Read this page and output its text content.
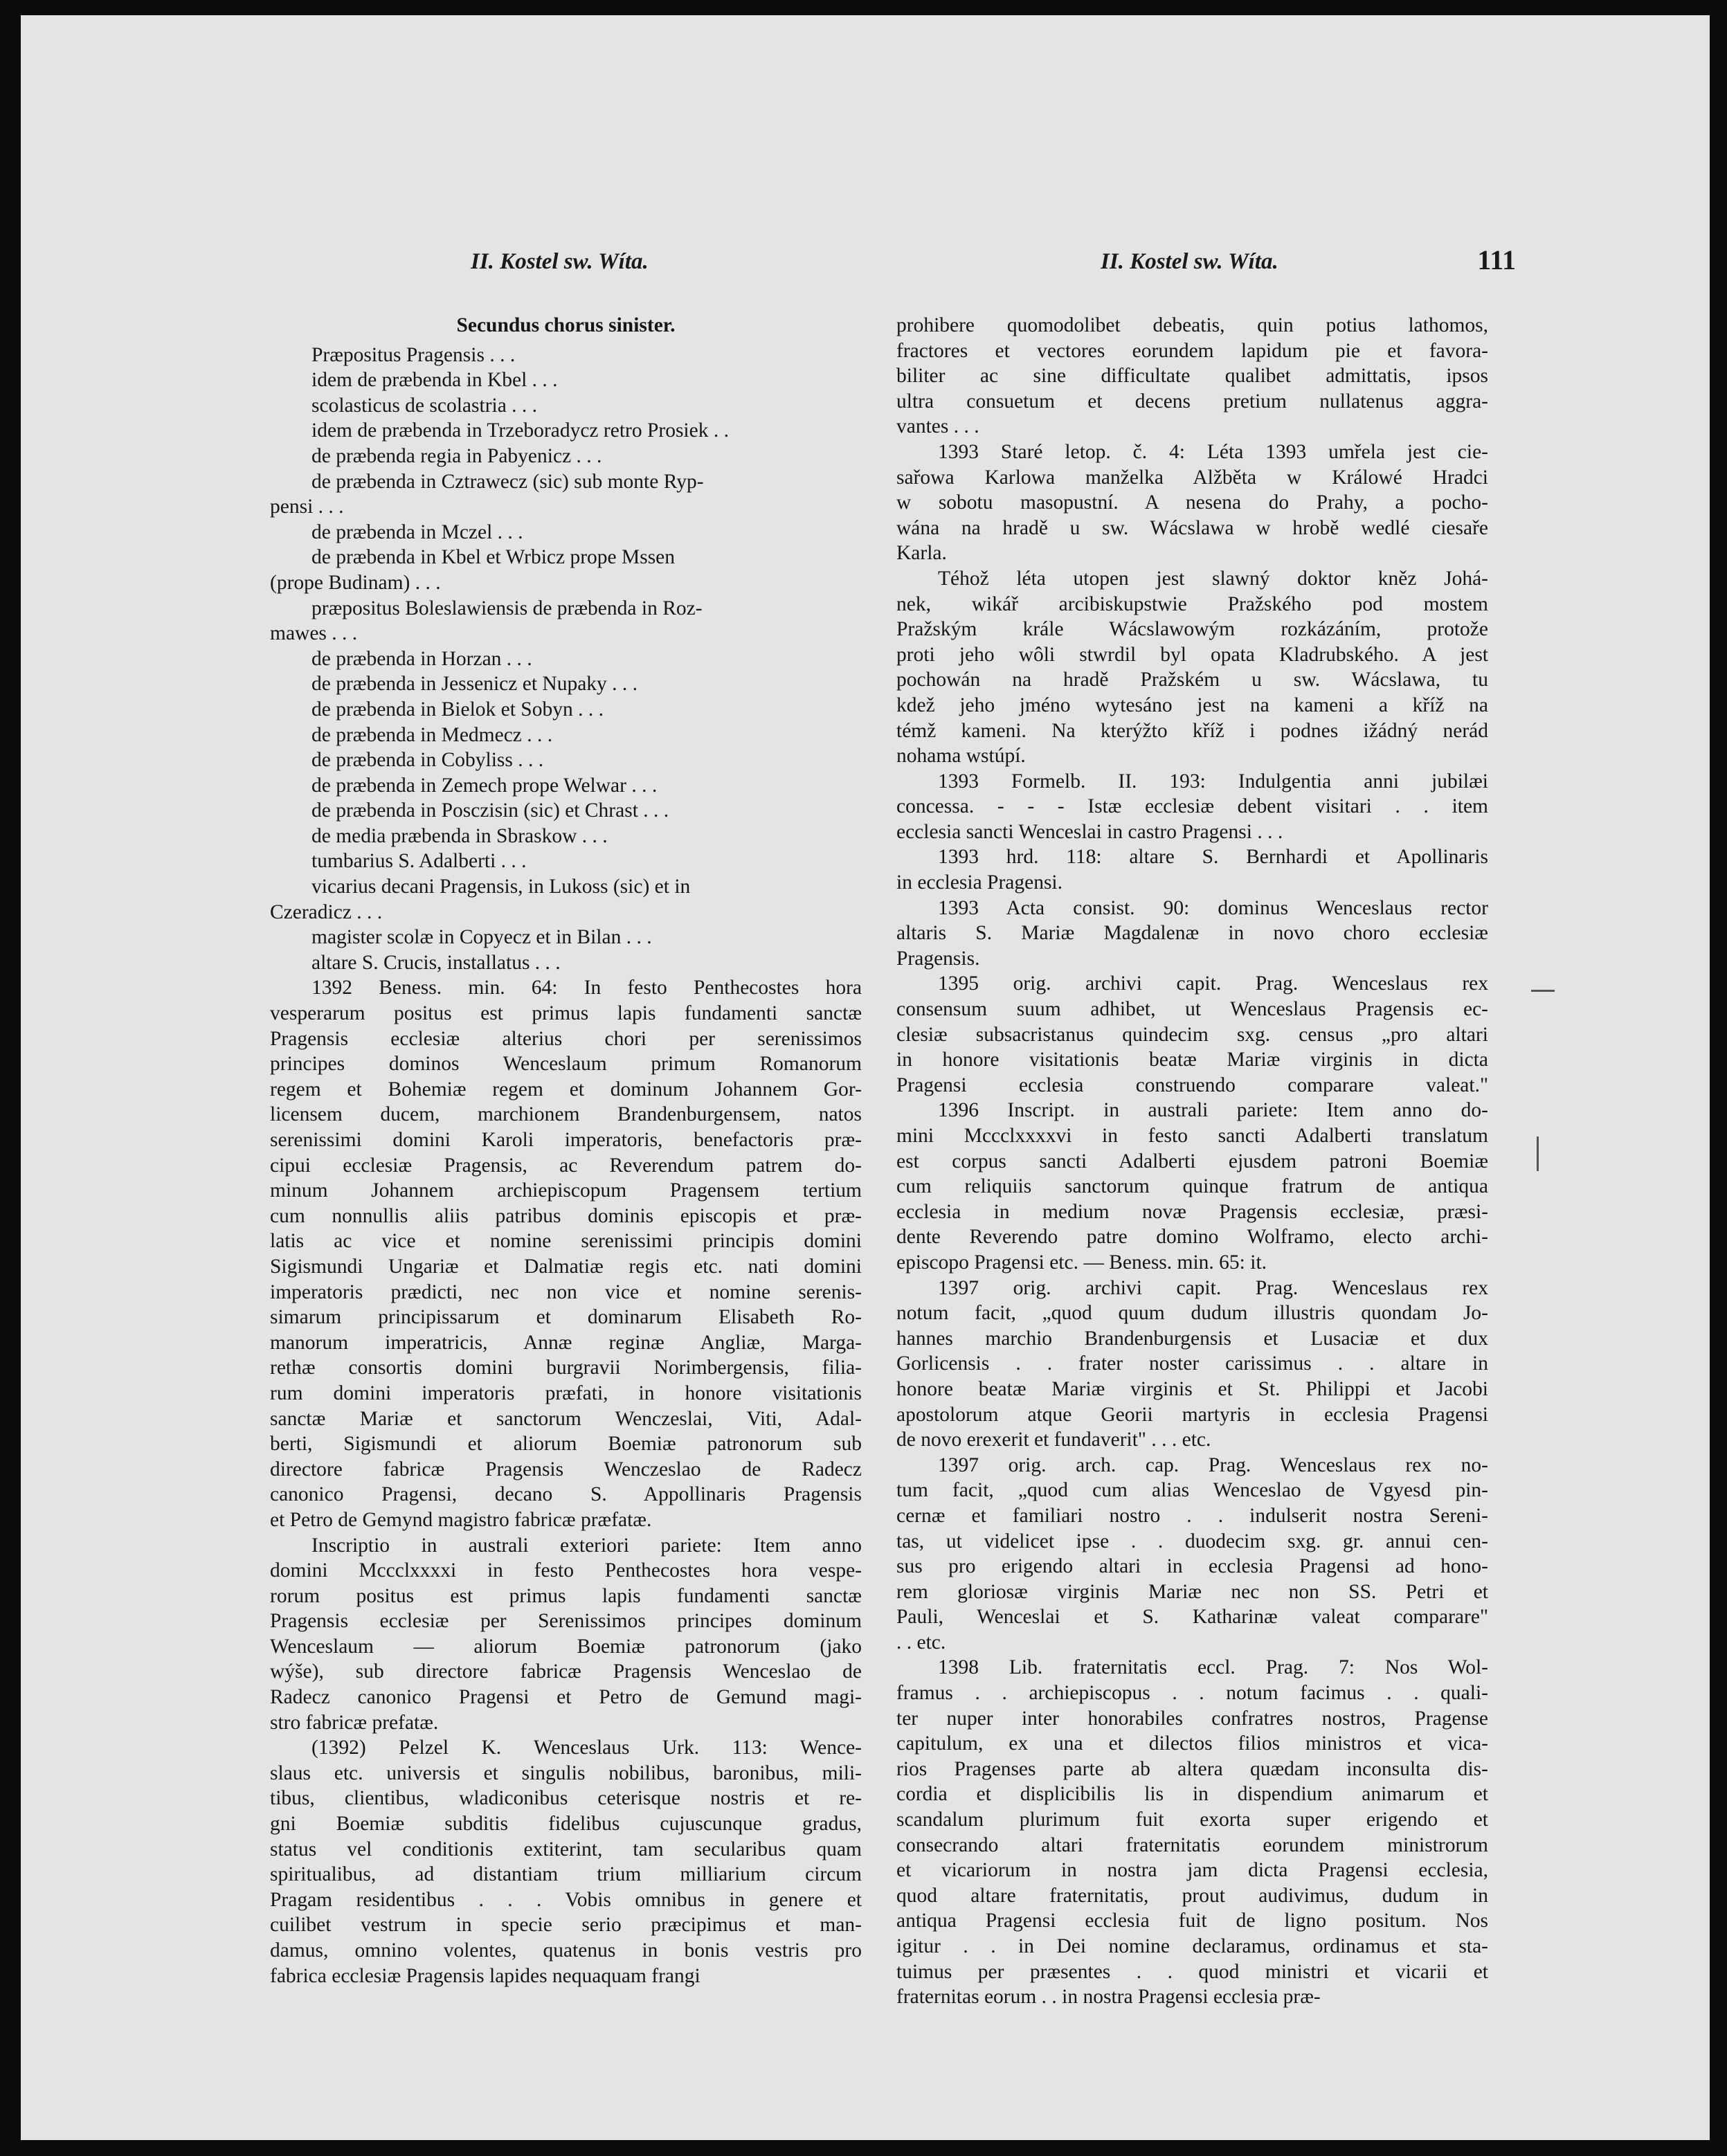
II. Kostel sw. Wíta.	II. Kostel sw. Wíta.	111
Secundus chorus sinister.
Præpositus Pragensis . . .
idem de præbenda in Kbel . . .
scolasticus de scolastria . . .
idem de præbenda in Trzeboradycz retro Prosiek . .
de præbenda regia in Pabyenicz . . .
de præbenda in Cztrawecz (sic) sub monte Ryp-
pensi . . .
de præbenda in Mczel . . .
de præbenda in Kbel et Wrbicz prope Mssen
(prope Budinam) . . .
præpositus Boleslawiensis de præbenda in Roz-
mawes . . .
de præbenda in Horzan . . .
de præbenda in Jessenicz et Nupaky . . .
de præbenda in Bielok et Sobyn . . .
de præbenda in Medmecz . . .
de præbenda in Cobyliss . . .
de præbenda in Zemech prope Welwar . . .
de præbenda in Posczisin (sic) et Chrast . . .
de media præbenda in Sbraskow . . .
tumbarius S. Adalberti . . .
vicarius decani Pragensis, in Lukoss (sic) et in
Czeradicz . . .
magister scolæ in Copyecz et in Bilan . . .
altare S. Crucis, installatus . . .
1392 Beness. min. 64: In festo Penthecostes hora
vesperarum positus est primus lapis fundamenti sanctæ
Pragensis ecclesiæ alterius chori per serenissimos
principes dominos Wenceslaum primum Romanorum
regem et Bohemiæ regem et dominum Johannem Gor-
licensem ducem, marchionem Brandenburgensem, natos
serenissimi domini Karoli imperatoris, benefactoris præ-
cipui ecclesiæ Pragensis, ac Reverendum patrem do-
minum Johannem archiepiscopum Pragensem tertium
cum nonnullis aliis patribus dominis episcopis et præ-
latis ac vice et nomine serenissimi principis domini
Sigismundi Ungariæ et Dalmatiæ regis etc. nati domini
imperatoris prædicti, nec non vice et nomine serenis-
simarum principissarum et dominarum Elisabeth Ro-
manorum imperatricis, Annæ reginæ Angliæ, Marga-
rethæ consortis domini burgravii Norimbergensis, filia-
rum domini imperatoris præfati, in honore visitationis
sanctæ Mariæ et sanctorum Wenczeslai, Viti, Adal-
berti, Sigismundi et aliorum Boemiæ patronorum sub
directore fabricæ Pragensis Wenczeslao de Radecz
canonico Pragensi, decano S. Appollinaris Pragensis
et Petro de Gemynd magistro fabricæ præfatæ.
Inscriptio in australi exteriori pariete: Item anno
domini Mccclxxxxi in festo Penthecostes hora vespe-
rorum positus est primus lapis fundamenti sanctæ
Pragensis ecclesiæ per Serenissimos principes dominum
Wenceslaum — aliorum Boemiæ patronorum (jako
wýše), sub directore fabricæ Pragensis Wenceslao de
Radecz canonico Pragensi et Petro de Gemund magi-
stro fabricæ prefatæ.
(1392) Pelzel K. Wenceslaus Urk. 113: Wence-
slaus etc. universis et singulis nobilibus, baronibus, mili-
tibus, clientibus, wladiconibus ceterisque nostris et re-
gni Boemiæ subditis fidelibus cujuscunque gradus,
status vel conditionis extiterint, tam secularibus quam
spiritualibus, ad distantiam trium milliarium circum
Pragam residentibus . . . Vobis omnibus in genere et
cuilibet vestrum in specie serio præcipimus et man-
damus, omnino volentes, quatenus in bonis vestris pro
fabrica ecclesiæ Pragensis lapides nequaquam frangi
prohibere quomodolibet debeatis, quin potius lathomos,
fractores et vectores eorundem lapidum pie et favora-
biliter ac sine difficultate qualibet admittatis, ipsos
ultra consuetum et decens pretium nullatenus aggra-
vantes . . .
1393 Staré letop. č. 4: Léta 1393 umřela jest cie-
sařowa Karlowa manželka Alžběta w Králowé Hradci
w sobotu masopustní. A nesena do Prahy, a pocho-
wána na hradě u sw. Wácslawa w hrobě wedlé ciesaře
Karla.
Téhož léta utopen jest slawný doktor kněz Johá-
nek, wikář arcibiskupstwie Pražského pod mostem
Pražským krále Wácslawowým rozkázáním, protože
proti jeho wôli stwrdil byl opata Kladrubského. A jest
pochowán na hradě Pražském u sw. Wácslawa, tu
kdež jeho jméno wytesáno jest na kameni a kříž na
témž kameni. Na kterýžto kříž i podnes ižádný nerád
nohama wstúpí.
1393 Formelb. II. 193: Indulgentia anni jubilæi
concessa. - - - Istæ ecclesiæ debent visitari . . item
ecclesia sancti Wenceslai in castro Pragensi . . .
1393 hrd. 118: altare S. Bernhardi et Apollinaris
in ecclesia Pragensi.
1393 Acta consist. 90: dominus Wenceslaus rector
altaris S. Mariæ Magdalenæ in novo choro ecclesiæ
Pragensis.
1395 orig. archivi capit. Prag. Wenceslaus rex
consensum suum adhibet, ut Wenceslaus Pragensis ec-
clesiæ subsacristanus quindecim sxg. census „pro altari
in honore visitationis beatæ Mariæ virginis in dicta
Pragensi ecclesia construendo comparare valeat."
1396 Inscript. in australi pariete: Item anno do-
mini Mccclxxxxvi in festo sancti Adalberti translatum
est corpus sancti Adalberti ejusdem patroni Boemiæ
cum reliquiis sanctorum quinque fratrum de antiqua
ecclesia in medium novæ Pragensis ecclesiæ, præsi-
dente Reverendo patre domino Wolframo, electo archi-
episcopo Pragensi etc. — Beness. min. 65: it.
1397 orig. archivi capit. Prag. Wenceslaus rex
notum facit, „quod quum dudum illustris quondam Jo-
hannes marchio Brandenburgensis et Lusaciæ et dux
Gorlicensis . . frater noster carissimus . . altare in
honore beatæ Mariæ virginis et St. Philippi et Jacobi
apostolorum atque Georii martyris in ecclesia Pragensi
de novo erexerit et fundaverit" . . . etc.
1397 orig. arch. cap. Prag. Wenceslaus rex no-
tum facit, „quod cum alias Wenceslao de Vgyesd pin-
cernæ et familiari nostro . . indulserit nostra Sereni-
tas, ut videlicet ipse . . duodecim sxg. gr. annui cen-
sus pro erigendo altari in ecclesia Pragensi ad hono-
rem gloriosæ virginis Mariæ nec non SS. Petri et
Pauli, Wenceslai et S. Katharinæ valeat comparare"
. . etc.
1398 Lib. fraternitatis eccl. Prag. 7: Nos Wol-
framus . . archiepiscopus . . notum facimus . . quali-
ter nuper inter honorabiles confratres nostros, Pragense
capitulum, ex una et dilectos filios ministros et vica-
rios Pragenses parte ab altera quædam inconsulta dis-
cordia et displicibilis lis in dispendium animarum et
scandalum plurimum fuit exorta super erigendo et
consecrando altari fraternitatis eorundem ministrorum
et vicariorum in nostra jam dicta Pragensi ecclesia,
quod altare fraternitatis, prout audivimus, dudum in
antiqua Pragensi ecclesia fuit de ligno positum. Nos
igitur . . in Dei nomine declaramus, ordinamus et sta-
tuimus per præsentes . . quod ministri et vicarii et
fraternitas eorum . . in nostra Pragensi ecclesia præ-
